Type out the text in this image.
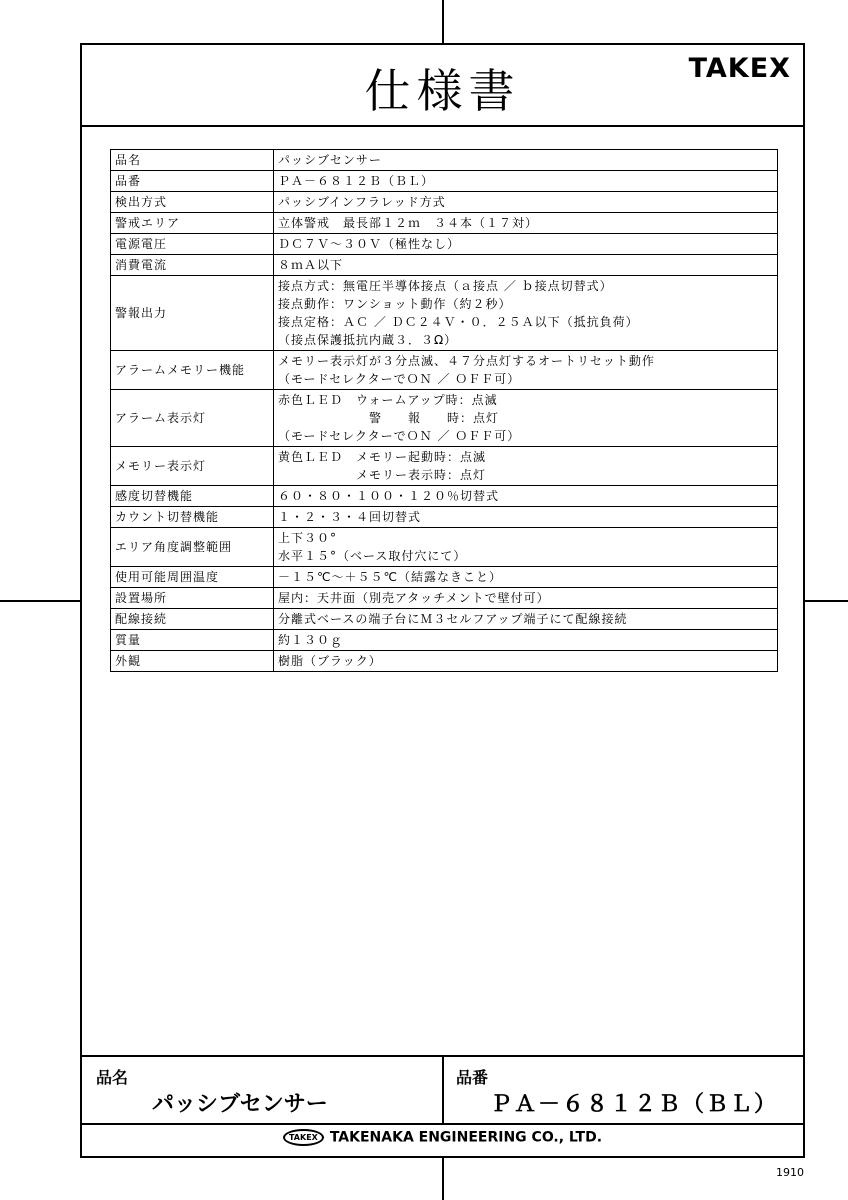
仕様書	TAKEX
品名	パッシブセンサー

品番	ＰＡ－６８１２Ｂ（ＢＬ）

検出方式	パッシブインフラレッド方式

警戒エリア	立体警戒　最長部１２ｍ　３４本（１７対）

電源電圧	ＤＣ７Ｖ～３０Ｖ（極性なし）

消費電流	８ｍＡ以下

警報出力	接点方式：無電圧半導体接点（ａ接点 ／ ｂ接点切替式）
接点動作：ワンショット動作（約２秒）
接点定格：ＡＣ ／ ＤＣ２４Ｖ・０．２５Ａ以下（抵抗負荷）
（接点保護抵抗内蔵３．３Ω）

アラームメモリー機能	メモリー表示灯が３分点滅、４７分点灯するオートリセット動作
（モードセレクターでＯＮ ／ ＯＦＦ可）

アラーム表示灯	赤色ＬＥＤ　ウォームアップ時：点滅
　　　　　　　警　　報　　時：点灯
（モードセレクターでＯＮ ／ ＯＦＦ可）

メモリー表示灯	黄色ＬＥＤ　メモリー起動時：点滅
　　　　　　メモリー表示時：点灯

感度切替機能	６０・８０・１００・１２０％切替式

カウント切替機能	１・２・３・４回切替式

エリア角度調整範囲	上下３０°
水平１５°（ベース取付穴にて）

使用可能周囲温度	－１５℃～＋５５℃（結露なきこと）

設置場所	屋内：天井面（別売アタッチメントで壁付可）

配線接続	分離式ベースの端子台にＭ３セルフアップ端子にて配線接続

質量	約１３０ｇ

外観	樹脂（ブラック）
品名
パッシブセンサー
品番
ＰＡ－６８１２Ｂ（ＢＬ）
TAKEX TAKENAKA ENGINEERING CO., LTD.
1910
